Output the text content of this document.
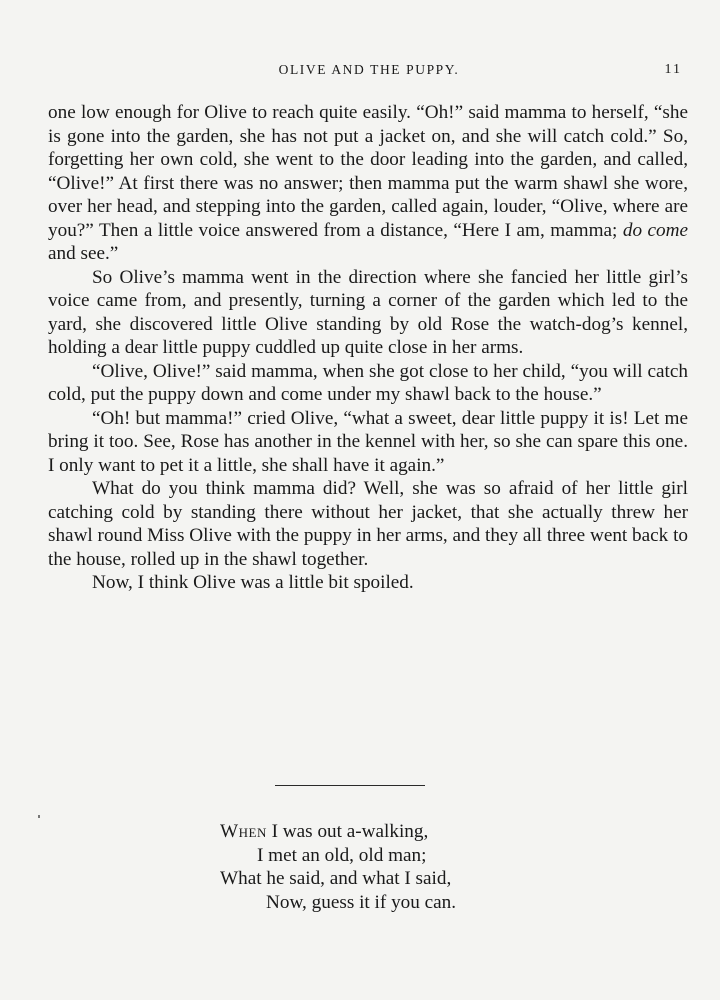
OLIVE AND THE PUPPY.	11

one low enough for Olive to reach quite easily. “Oh!” said mamma to herself, “she is gone into the garden, she has not put a jacket on, and she will catch cold.” So, forgetting her own cold, she went to the door leading into the garden, and called, “Olive!” At first there was no answer; then mamma put the warm shawl she wore, over her head, and stepping into the garden, called again, louder, “Olive, where are you?” Then a little voice answered from a distance, “Here I am, mamma; do come and see.”

So Olive’s mamma went in the direction where she fancied her little girl’s voice came from, and presently, turning a corner of the garden which led to the yard, she discovered little Olive standing by old Rose the watch-dog’s kennel, holding a dear little puppy cuddled up quite close in her arms.

“Olive, Olive!” said mamma, when she got close to her child, “you will catch cold, put the puppy down and come under my shawl back to the house.”

“Oh! but mamma!” cried Olive, “what a sweet, dear little puppy it is! Let me bring it too. See, Rose has another in the kennel with her, so she can spare this one. I only want to pet it a little, she shall have it again.”

What do you think mamma did? Well, she was so afraid of her little girl catching cold by standing there without her jacket, that she actually threw her shawl round Miss Olive with the puppy in her arms, and they all three went back to the house, rolled up in the shawl together.

Now, I think Olive was a little bit spoiled.

When I was out a-walking,
I met an old, old man;
What he said, and what I said,
Now, guess it if you can.
